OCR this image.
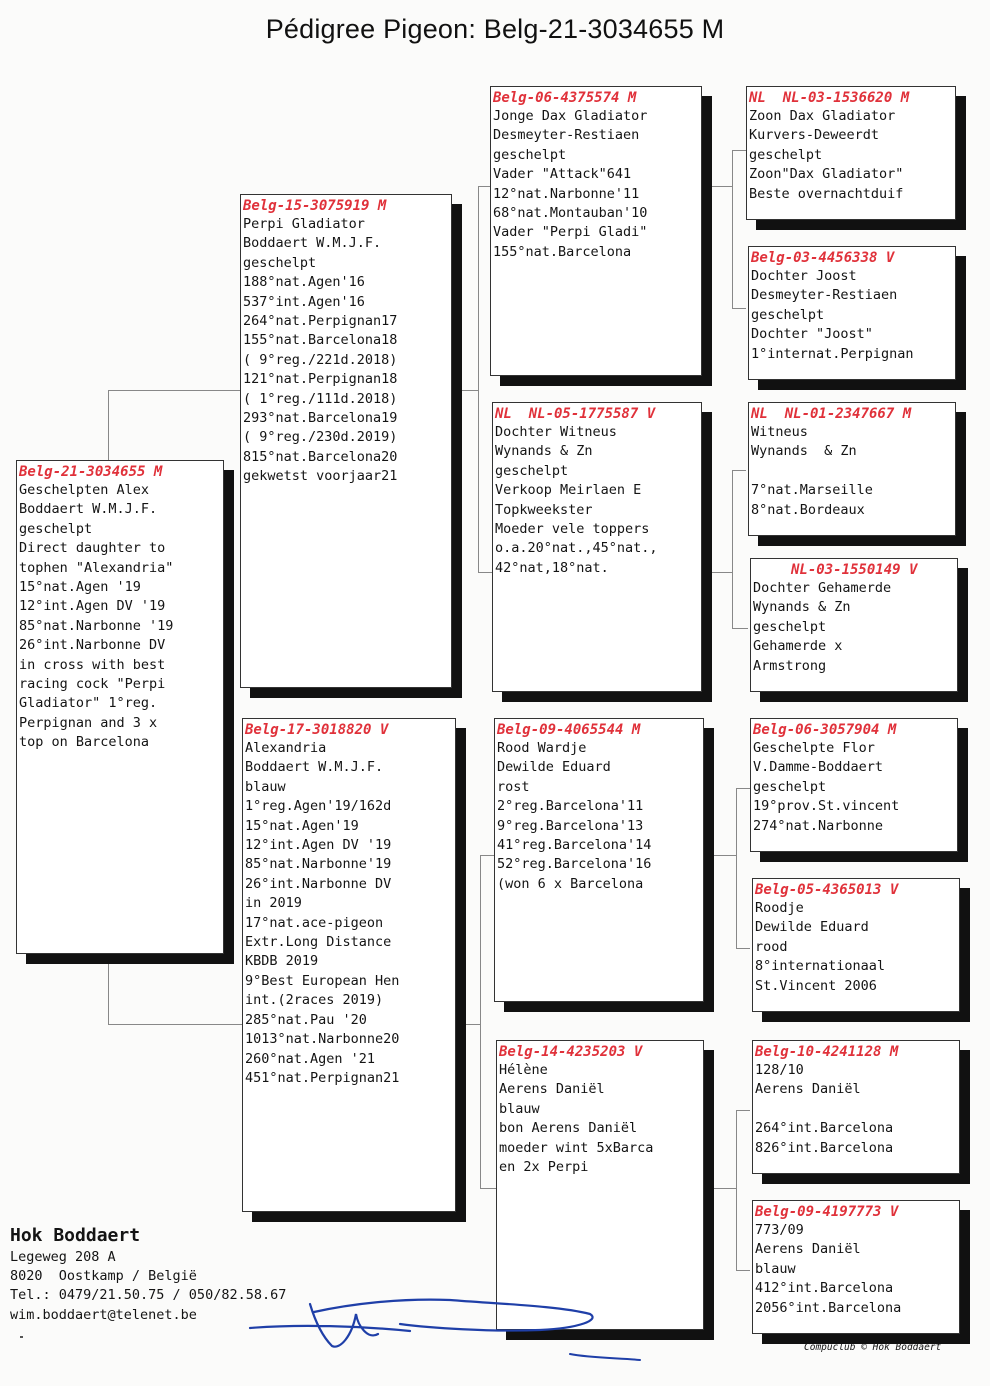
Pédigree Pigeon: Belg-21-3034655 M
Belg-21-3034655 M
Geschelpten Alex
Boddaert W.M.J.F.
geschelpt
Direct daughter to
tophen "Alexandria"
15°nat.Agen '19
12°int.Agen DV '19
85°nat.Narbonne '19
26°int.Narbonne DV
in cross with best
racing cock "Perpi
Gladiator" 1°reg.
Perpignan and 3 x
top on Barcelona
Belg-15-3075919 M
Perpi Gladiator
Boddaert W.M.J.F.
geschelpt
188°nat.Agen'16
537°int.Agen'16
264°nat.Perpignan17
155°nat.Barcelona18
( 9°reg./221d.2018)
121°nat.Perpignan18
( 1°reg./111d.2018)
293°nat.Barcelona19
( 9°reg./230d.2019)
815°nat.Barcelona20
gekwetst voorjaar21
Belg-17-3018820 V
Alexandria
Boddaert W.M.J.F.
blauw
1°reg.Agen'19/162d
15°nat.Agen'19
12°int.Agen DV '19
85°nat.Narbonne'19
26°int.Narbonne DV
in 2019
17°nat.ace-pigeon
Extr.Long Distance
KBDB 2019
9°Best European Hen
int.(2races 2019)
285°nat.Pau '20
1013°nat.Narbonne20
260°nat.Agen '21
451°nat.Perpignan21
Belg-06-4375574 M
Jonge Dax Gladiator
Desmeyter-Restiaen
geschelpt
Vader "Attack"641
12°nat.Narbonne'11
68°nat.Montauban'10
Vader "Perpi Gladi"
155°nat.Barcelona
NL  NL-05-1775587 V
Dochter Witneus
Wynands & Zn
geschelpt
Verkoop Meirlaen E
Topkweekster
Moeder vele toppers
o.a.20°nat.,45°nat.,
42°nat,18°nat.
Belg-09-4065544 M
Rood Wardje
Dewilde Eduard
rost
2°reg.Barcelona'11
9°reg.Barcelona'13
41°reg.Barcelona'14
52°reg.Barcelona'16
(won 6 x Barcelona
Belg-14-4235203 V
Hélène
Aerens Daniël
blauw
bon Aerens Daniël
moeder wint 5xBarca
en 2x Perpi
NL  NL-03-1536620 M
Zoon Dax Gladiator
Kurvers-Deweerdt
geschelpt
Zoon"Dax Gladiator"
Beste overnachtduif
Belg-03-4456338 V
Dochter Joost
Desmeyter-Restiaen
geschelpt
Dochter "Joost"
1°internat.Perpignan
NL  NL-01-2347667 M
Witneus
Wynands  & Zn
7°nat.Marseille
8°nat.Bordeaux
NL-03-1550149 V
Dochter Gehamerde
Wynands & Zn
geschelpt
Gehamerde x
Armstrong
Belg-06-3057904 M
Geschelpte Flor
V.Damme-Boddaert
geschelpt
19°prov.St.vincent
274°nat.Narbonne
Belg-05-4365013 V
Roodje
Dewilde Eduard
rood
8°internationaal
St.Vincent 2006
Belg-10-4241128 M
128/10
Aerens Daniël
264°int.Barcelona
826°int.Barcelona
Belg-09-4197773 V
773/09
Aerens Daniël
blauw
412°int.Barcelona
2056°int.Barcelona
Hok Boddaert
Legeweg 208 A
8020  Oostkamp / België
Tel.: 0479/21.50.75 / 050/82.58.67
wim.boddaert@telenet.be
Compuclub © Hok Boddaert
